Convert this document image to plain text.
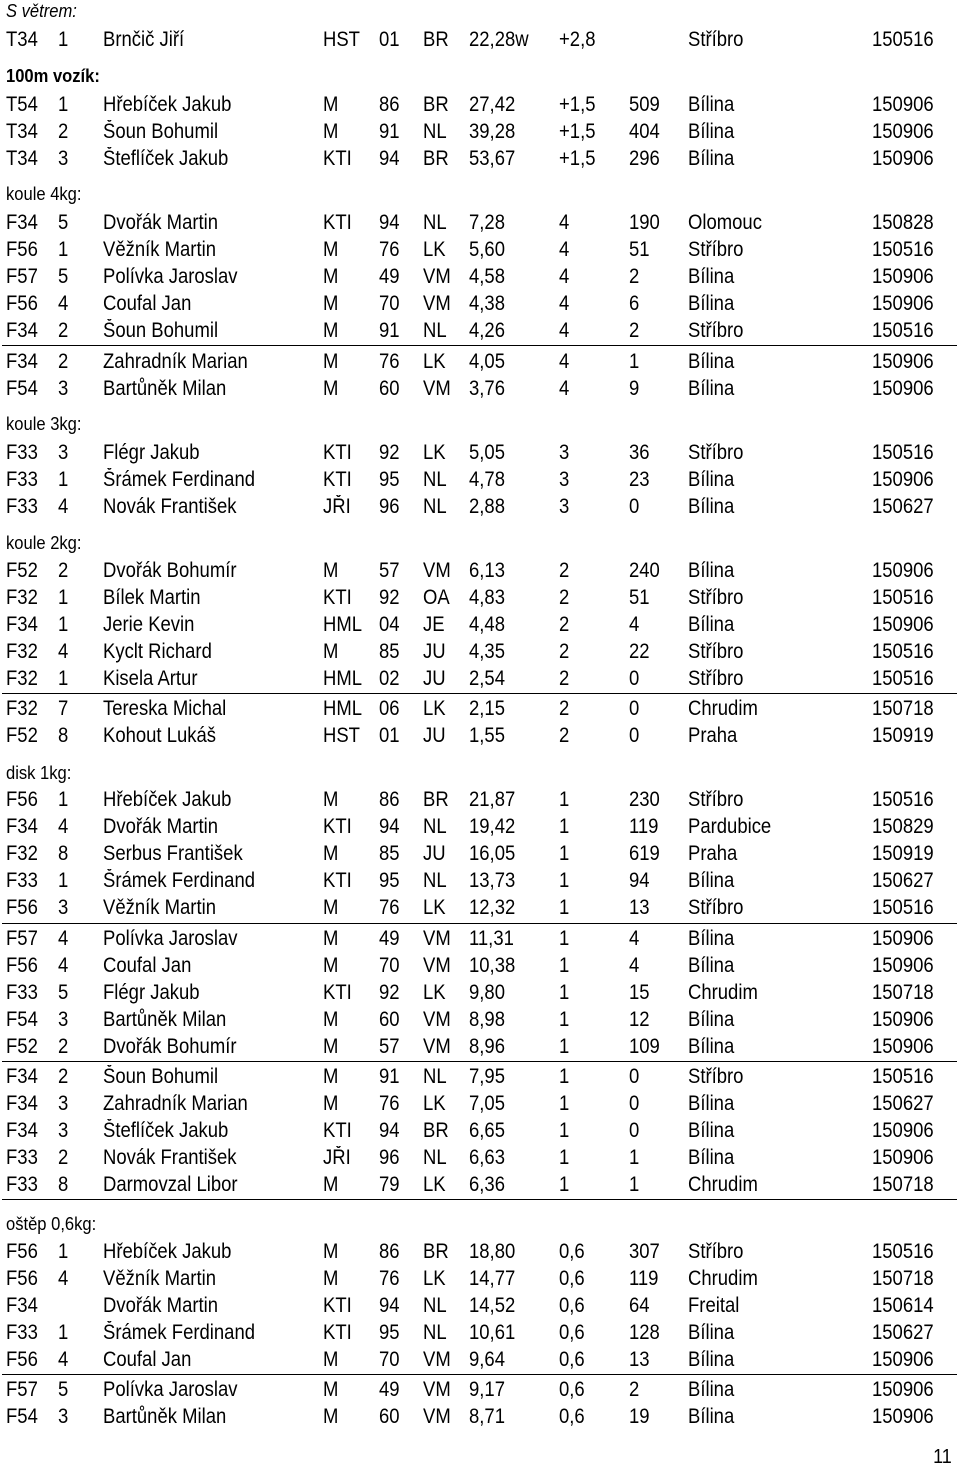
S větrem:
T34 1 Brnčič Jiří	HST 01 BR 22,28w +2,8	Stříbro	150516
100m vozík:
T54 1 Hřebíček Jakub	M 86 BR 27,42 +1,5 509 Bílina	150906
T34 2 Šoun Bohumil	M 91 NL 39,28 +1,5 404 Bílina	150906
T34 3 Šteflíček Jakub	KTI 94 BR 53,67 +1,5 296 Bílina	150906
koule 4kg:
F34 5 Dvořák Martin	KTI 94 NL 7,28	4	190 Olomouc	150828
F56 1 Věžník Martin	M 76 LK 5,60	4	51 Stříbro	150516
F57 5 Polívka Jaroslav	M 49 VM 4,58	4	2 Bílina	150906
F56 4 Coufal Jan	M 70 VM 4,38	4	6 Bílina	150906
F34 2 Šoun Bohumil	M 91 NL 4,26	4	2 Stříbro	150516
F34 2 Zahradník Marian	M 76 LK 4,05	4	1 Bílina	150906
F54 3 Bartůněk Milan	M 60 VM 3,76	4	9 Bílina	150906
koule 3kg:
F33 3 Flégr Jakub	KTI 92 LK 5,05	3	36 Stříbro	150516
F33 1 Šrámek Ferdinand	KTI 95 NL 4,78	3	23 Bílina	150906
F33 4 Novák František	JŘI 96 NL 2,88	3	0 Bílina	150627
koule 2kg:
F52 2 Dvořák Bohumír	M 57 VM 6,13	2	240 Bílina	150906
F32 1 Bílek Martin	KTI 92 OA 4,83	2	51 Stříbro	150516
F34 1 Jerie Kevin	HML 04 JE 4,48	2	4 Bílina	150906
F32 4 Kyclt Richard	M 85 JU 4,35	2	22 Stříbro	150516
F32 1 Kisela Artur	HML 02 JU 2,54	2	0 Stříbro	150516
F32 7 Tereska Michal	HML 06 LK 2,15	2	0 Chrudim	150718
F52 8 Kohout Lukáš	HST 01 JU 1,55	2	0 Praha	150919
disk 1kg:
F56 1 Hřebíček Jakub	M 86 BR 21,87 1	230 Stříbro	150516
F34 4 Dvořák Martin	KTI 94 NL 19,42 1	119 Pardubice	150829
F32 8 Serbus František	M 85 JU 16,05 1	619 Praha	150919
F33 1 Šrámek Ferdinand	KTI 95 NL 13,73 1	94 Bílina	150627
F56 3 Věžník Martin	M 76 LK 12,32 1	13 Stříbro	150516
F57 4 Polívka Jaroslav	M 49 VM 11,31 1	4 Bílina	150906
F56 4 Coufal Jan	M 70 VM 10,38 1	4 Bílina	150906
F33 5 Flégr Jakub	KTI 92 LK 9,80	1	15 Chrudim	150718
F54 3 Bartůněk Milan	M 60 VM 8,98	1	12 Bílina	150906
F52 2 Dvořák Bohumír	M 57 VM 8,96	1	109 Bílina	150906
F34 2 Šoun Bohumil	M 91 NL 7,95	1	0 Stříbro	150516
F34 3 Zahradník Marian	M 76 LK 7,05	1	0 Bílina	150627
F34 3 Šteflíček Jakub	KTI 94 BR 6,65	1	0 Bílina	150906
F33 2 Novák František	JŘI 96 NL 6,63	1	1 Bílina	150906
F33 8 Darmovzal Libor	M 79 LK 6,36	1	1 Chrudim	150718
oštěp 0,6kg:
F56 1 Hřebíček Jakub	M 86 BR 18,80 0,6 307 Stříbro	150516
F56 4 Věžník Martin	M 76 LK 14,77 0,6 119 Chrudim	150718
F34	Dvořák Martin	KTI 94 NL 14,52 0,6 64 Freital	150614
F33 1 Šrámek Ferdinand	KTI 95 NL 10,61 0,6 128 Bílina	150627
F56 4 Coufal Jan	M 70 VM 9,64	0,6 13 Bílina	150906
F57 5 Polívka Jaroslav	M 49 VM 9,17	0,6 2 Bílina	150906
F54 3 Bartůněk Milan	M 60 VM 8,71	0,6 19 Bílina	150906
11
